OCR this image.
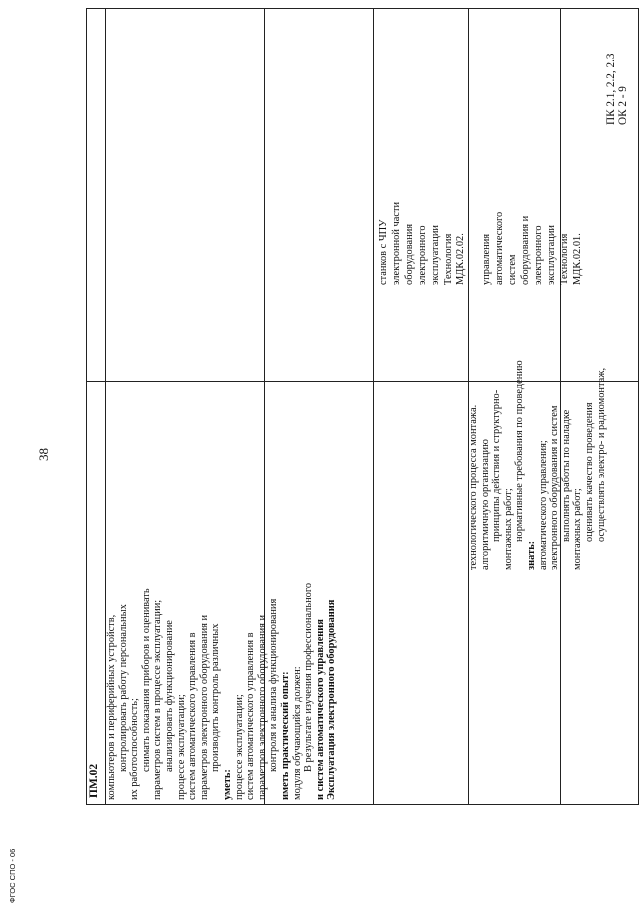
38
ФГОС СПО - 06
ПМ.02 компьютеров и периферийных устройств, контролировать работу персональных их работоспособность; снимать показания приборов и оценивать параметров систем в процессе эксплуатации; анализировать функционирование процессе эксплуатации; систем автоматического управления в параметров электронного оборудования и производить контроль различных
уметь: процессе эксплуатации; систем автоматического управления в параметров электронного оборудования и контроля и анализа функционирования иметь практический опыт: модуля обучающийся должен: В результате изучения профессионального и систем автоматического управления Эксплуатация электронного оборудования
станков с ЧПУ электронной части оборудования электронного эксплуатации Технология МДК.02.02. управления автоматического систем оборудования и электронного эксплуатации Технология МДК.02.01.
технологического процесса монтажа. алгоритмичную организацию принципы действия и структурно- монтажных работ; нормативные требования по проведению
знать: автоматического управления; электронного оборудования и систем выполнять работы по наладке монтажных работ; оценивать качество проведения осуществлять электро- и радиомонтаж,
ПК 2.1, 2.2, 2.3 ОК 2 - 9
